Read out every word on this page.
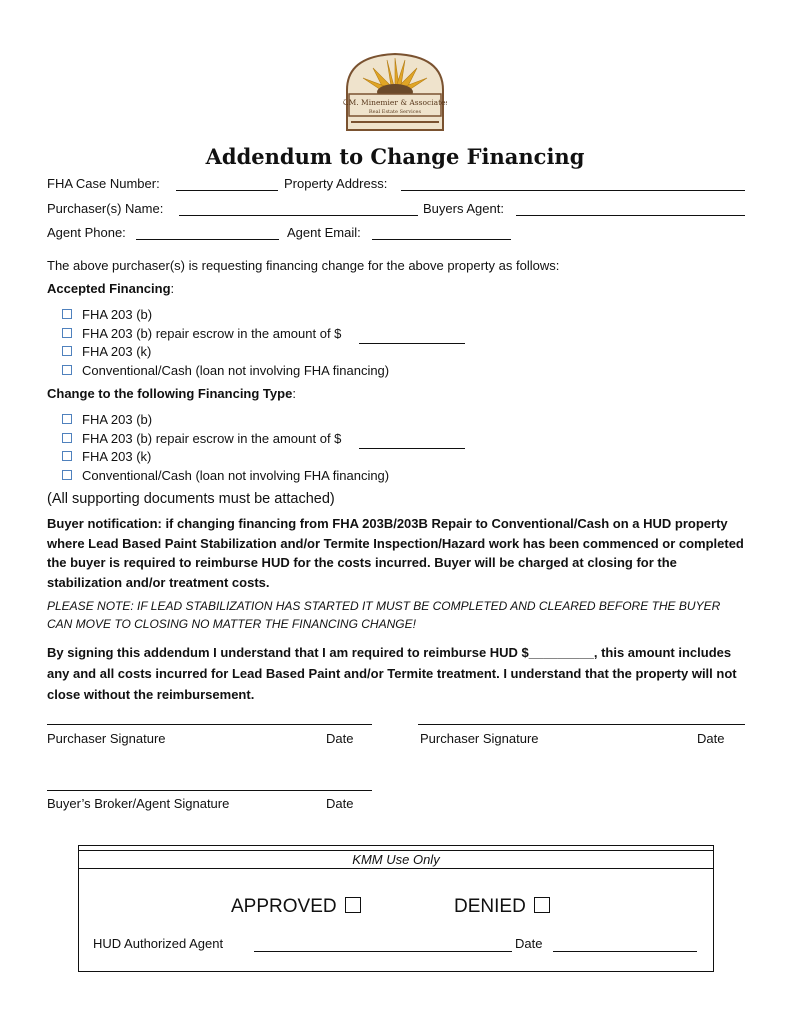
K.M. Minemier & Associates
Real Estate Services
Addendum to Change Financing
FHA Case Number:	Property Address:
Purchaser(s) Name:	Buyers Agent:
Agent Phone:	Agent Email:
The above purchaser(s) is requesting financing change for the above property as follows:
Accepted Financing:
FHA 203 (b)
FHA 203 (b) repair escrow in the amount of $
FHA 203 (k)
Conventional/Cash (loan not involving FHA financing)
Change to the following Financing Type:
FHA 203 (b)
FHA 203 (b) repair escrow in the amount of $
FHA 203 (k)
Conventional/Cash (loan not involving FHA financing)
(All supporting documents must be attached)
Buyer notification: if changing financing from FHA 203B/203B Repair to Conventional/Cash on a HUD property where Lead Based Paint Stabilization and/or Termite Inspection/Hazard work has been commenced or completed the buyer is required to reimburse HUD for the costs incurred. Buyer will be charged at closing for the stabilization and/or treatment costs.
PLEASE NOTE: IF LEAD STABILIZATION HAS STARTED IT MUST BE COMPLETED AND CLEARED BEFORE THE BUYER CAN MOVE TO CLOSING NO MATTER THE FINANCING CHANGE!
By signing this addendum I understand that I am required to reimburse HUD $_________, this amount includes any and all costs incurred for Lead Based Paint and/or Termite treatment. I understand that the property will not close without the reimbursement.
Purchaser Signature	Date	Purchaser Signature	Date
Buyer’s Broker/Agent Signature	Date
KMM Use Only
APPROVED	DENIED
HUD Authorized Agent	Date
